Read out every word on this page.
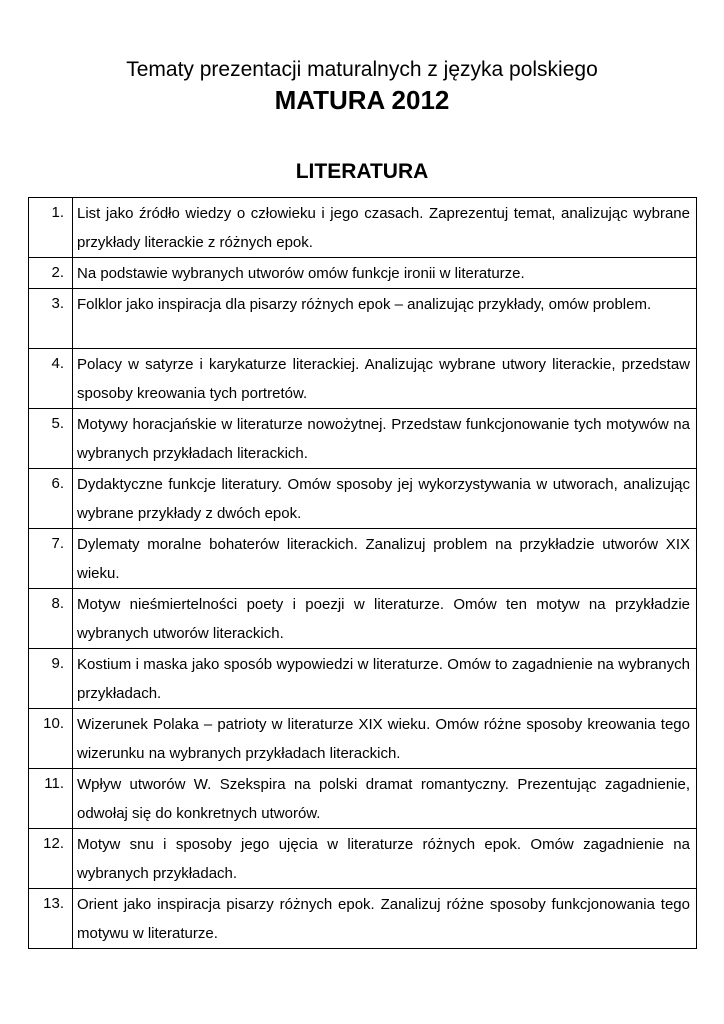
Tematy prezentacji maturalnych z języka polskiego
MATURA 2012
LITERATURA
1.	List jako źródło wiedzy o człowieku i jego czasach. Zaprezentuj temat, analizując wybrane przykłady literackie z różnych epok.
2.	Na podstawie wybranych utworów omów funkcje ironii w literaturze.
3.	Folklor jako inspiracja dla pisarzy różnych epok – analizując przykłady, omów problem.
4.	Polacy w satyrze i karykaturze literackiej. Analizując wybrane utwory literackie, przedstaw sposoby kreowania tych portretów.
5.	Motywy horacjańskie w literaturze nowożytnej. Przedstaw funkcjonowanie tych motywów na wybranych przykładach literackich.
6.	Dydaktyczne funkcje literatury. Omów sposoby jej wykorzystywania w utworach, analizując wybrane przykłady z dwóch epok.
7.	Dylematy moralne bohaterów literackich. Zanalizuj problem na przykładzie utworów XIX wieku.
8.	Motyw nieśmiertelności poety i poezji w literaturze. Omów ten motyw na przykładzie wybranych utworów literackich.
9.	Kostium i maska jako sposób wypowiedzi w literaturze. Omów to zagadnienie na wybranych przykładach.
10.	Wizerunek Polaka – patrioty w literaturze XIX wieku. Omów różne sposoby kreowania tego wizerunku na wybranych przykładach literackich.
11.	Wpływ utworów W. Szekspira na polski dramat romantyczny. Prezentując zagadnienie, odwołaj się do konkretnych utworów.
12.	Motyw snu i sposoby jego ujęcia w literaturze różnych epok. Omów zagadnienie na wybranych przykładach.
13.	Orient jako inspiracja pisarzy różnych epok. Zanalizuj różne sposoby funkcjonowania tego motywu w literaturze.
